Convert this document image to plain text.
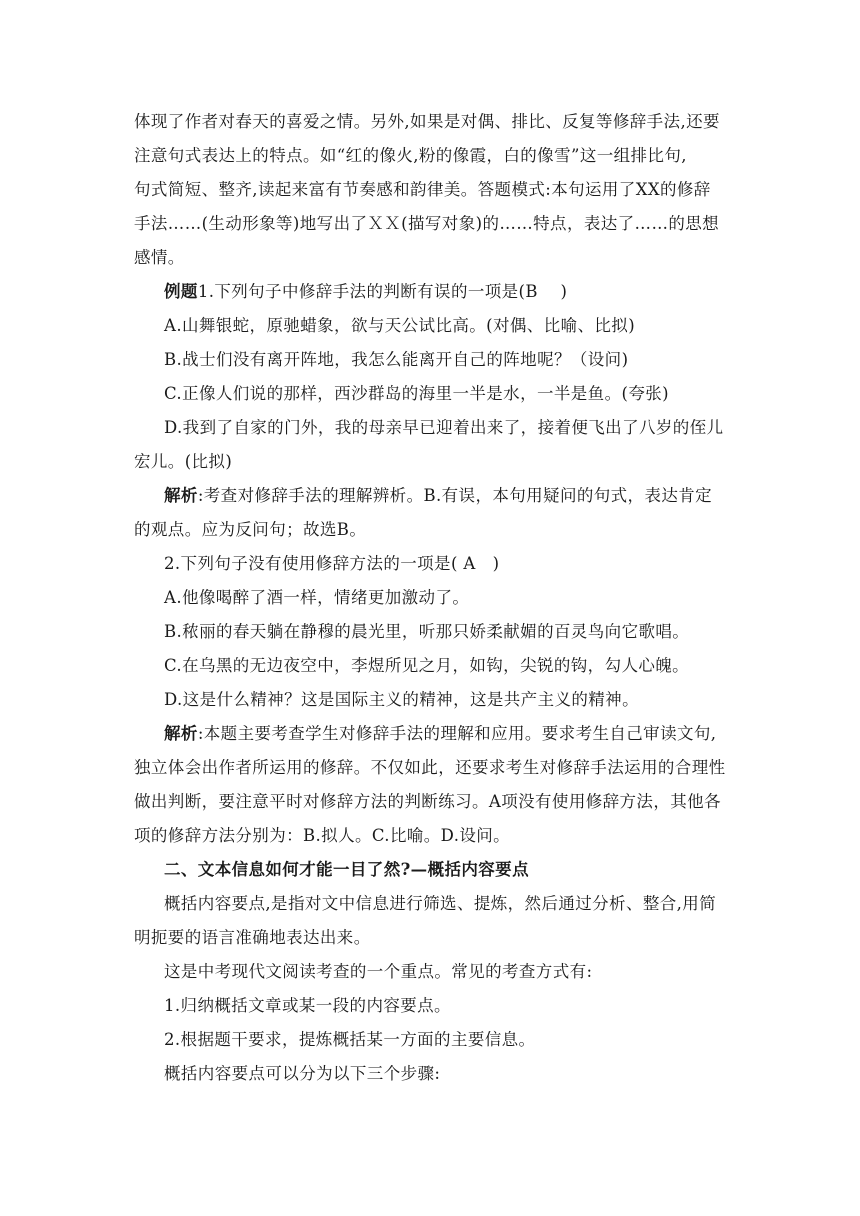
体现了作者对春天的喜爱之情。另外,如果是对偶、排比、反复等修辞手法,还要
注意句式表达上的特点。如“红的像火,粉的像霞，白的像雪”这一组排比句,
句式简短、整齐,读起来富有节奏感和韵律美。答题模式:本句运用了XX的修辞
手法……(生动形象等)地写出了ＸＸ(描写对象)的……特点，表达了……的思想
感情。
例题1.下列句子中修辞手法的判断有误的一项是(B　 )
A.山舞银蛇，原驰蜡象，欲与天公试比高。(对偶、比喻、比拟)
B.战士们没有离开阵地，我怎么能离开自己的阵地呢？（设问)
C.正像人们说的那样，西沙群岛的海里一半是水，一半是鱼。(夸张)
D.我到了自家的门外，我的母亲早已迎着出来了，接着便飞出了八岁的侄儿
宏儿。(比拟)
解析:考查对修辞手法的理解辨析。B.有误，本句用疑问的句式，表达肯定
的观点。应为反问句；故选B。
2.下列句子没有使用修辞方法的一项是( A　)
A.他像喝醉了酒一样，情绪更加激动了。
B.秾丽的春天躺在静穆的晨光里，听那只娇柔献媚的百灵鸟向它歌唱。
C.在乌黑的无边夜空中，李煜所见之月，如钩，尖锐的钩，勾人心魄。
D.这是什么精神？这是国际主义的精神，这是共产主义的精神。
解析:本题主要考查学生对修辞手法的理解和应用。要求考生自己审读文句,
独立体会出作者所运用的修辞。不仅如此，还要求考生对修辞手法运用的合理性
做出判断，要注意平时对修辞方法的判断练习。A项没有使用修辞方法，其他各
项的修辞方法分别为：B.拟人。C.比喻。D.设问。
二、文本信息如何才能一目了然?—概括内容要点
概括内容要点,是指对文中信息进行筛选、提炼，然后通过分析、整合,用简
明扼要的语言准确地表达出来。
这是中考现代文阅读考查的一个重点。常见的考查方式有:
1.归纳概括文章或某一段的内容要点。
2.根据题干要求，提炼概括某一方面的主要信息。
概括内容要点可以分为以下三个步骤:
